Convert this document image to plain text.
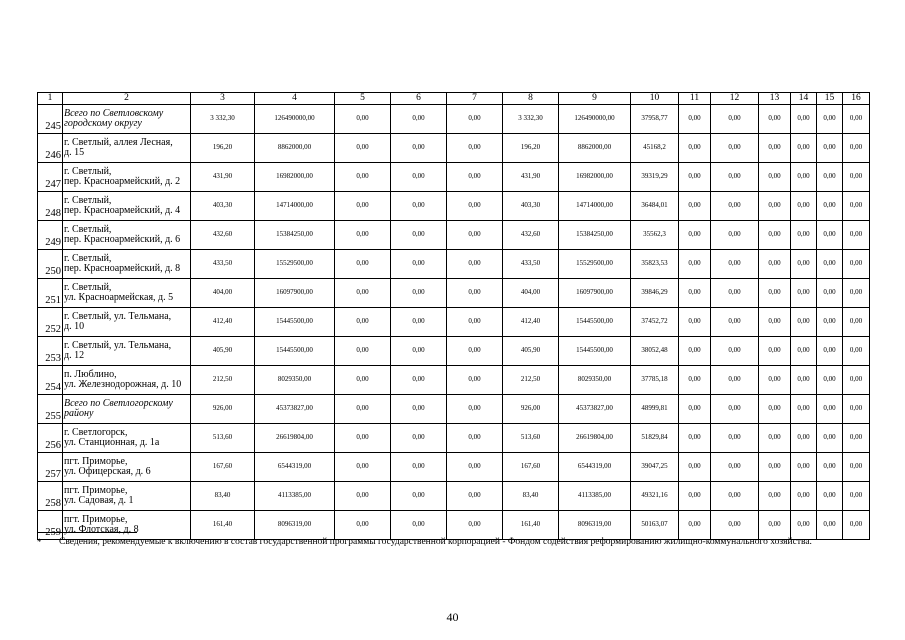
1	2	3	4	5	6	7	8	9	10	11	12	13	14	15	16
245	Всего по Светловскому
городскому округу	3 332,30	126490000,00	0,00	0,00	0,00	3 332,30	126490000,00	37958,77	0,00	0,00	0,00	0,00	0,00	0,00
246	г. Светлый, аллея Лесная,
д. 15	196,20	8862000,00	0,00	0,00	0,00	196,20	8862000,00	45168,2	0,00	0,00	0,00	0,00	0,00	0,00
247	г. Светлый,
пер. Красноармейский, д. 2	431,90	16982000,00	0,00	0,00	0,00	431,90	16982000,00	39319,29	0,00	0,00	0,00	0,00	0,00	0,00
248	г. Светлый,
пер. Красноармейский, д. 4	403,30	14714000,00	0,00	0,00	0,00	403,30	14714000,00	36484,01	0,00	0,00	0,00	0,00	0,00	0,00
249	г. Светлый,
пер. Красноармейский, д. 6	432,60	15384250,00	0,00	0,00	0,00	432,60	15384250,00	35562,3	0,00	0,00	0,00	0,00	0,00	0,00
250	г. Светлый,
пер. Красноармейский, д. 8	433,50	15529500,00	0,00	0,00	0,00	433,50	15529500,00	35823,53	0,00	0,00	0,00	0,00	0,00	0,00
251	г. Светлый,
ул. Красноармейская, д. 5	404,00	16097900,00	0,00	0,00	0,00	404,00	16097900,00	39846,29	0,00	0,00	0,00	0,00	0,00	0,00
252	г. Светлый, ул. Тельмана,
д. 10	412,40	15445500,00	0,00	0,00	0,00	412,40	15445500,00	37452,72	0,00	0,00	0,00	0,00	0,00	0,00
253	г. Светлый, ул. Тельмана,
д. 12	405,90	15445500,00	0,00	0,00	0,00	405,90	15445500,00	38052,48	0,00	0,00	0,00	0,00	0,00	0,00
254	п. Люблино,
ул. Железнодорожная, д. 10	212,50	8029350,00	0,00	0,00	0,00	212,50	8029350,00	37785,18	0,00	0,00	0,00	0,00	0,00	0,00
255	Всего по Светлогорскому
району	926,00	45373827,00	0,00	0,00	0,00	926,00	45373827,00	48999,81	0,00	0,00	0,00	0,00	0,00	0,00
256	г. Светлогорск,
ул. Станционная, д. 1а	513,60	26619804,00	0,00	0,00	0,00	513,60	26619804,00	51829,84	0,00	0,00	0,00	0,00	0,00	0,00
257	пгт. Приморье,
ул. Офицерская, д. 6	167,60	6544319,00	0,00	0,00	0,00	167,60	6544319,00	39047,25	0,00	0,00	0,00	0,00	0,00	0,00
258	пгт. Приморье,
ул. Садовая, д. 1	83,40	4113385,00	0,00	0,00	0,00	83,40	4113385,00	49321,16	0,00	0,00	0,00	0,00	0,00	0,00
259	пгт. Приморье,
ул. Флотская, д. 8	161,40	8096319,00	0,00	0,00	0,00	161,40	8096319,00	50163,07	0,00	0,00	0,00	0,00	0,00	0,00
* Сведения, рекомендуемые к включению в состав государственной программы государственной корпорацией - Фондом содействия реформированию жилищно-коммунального хозяйства.
40
